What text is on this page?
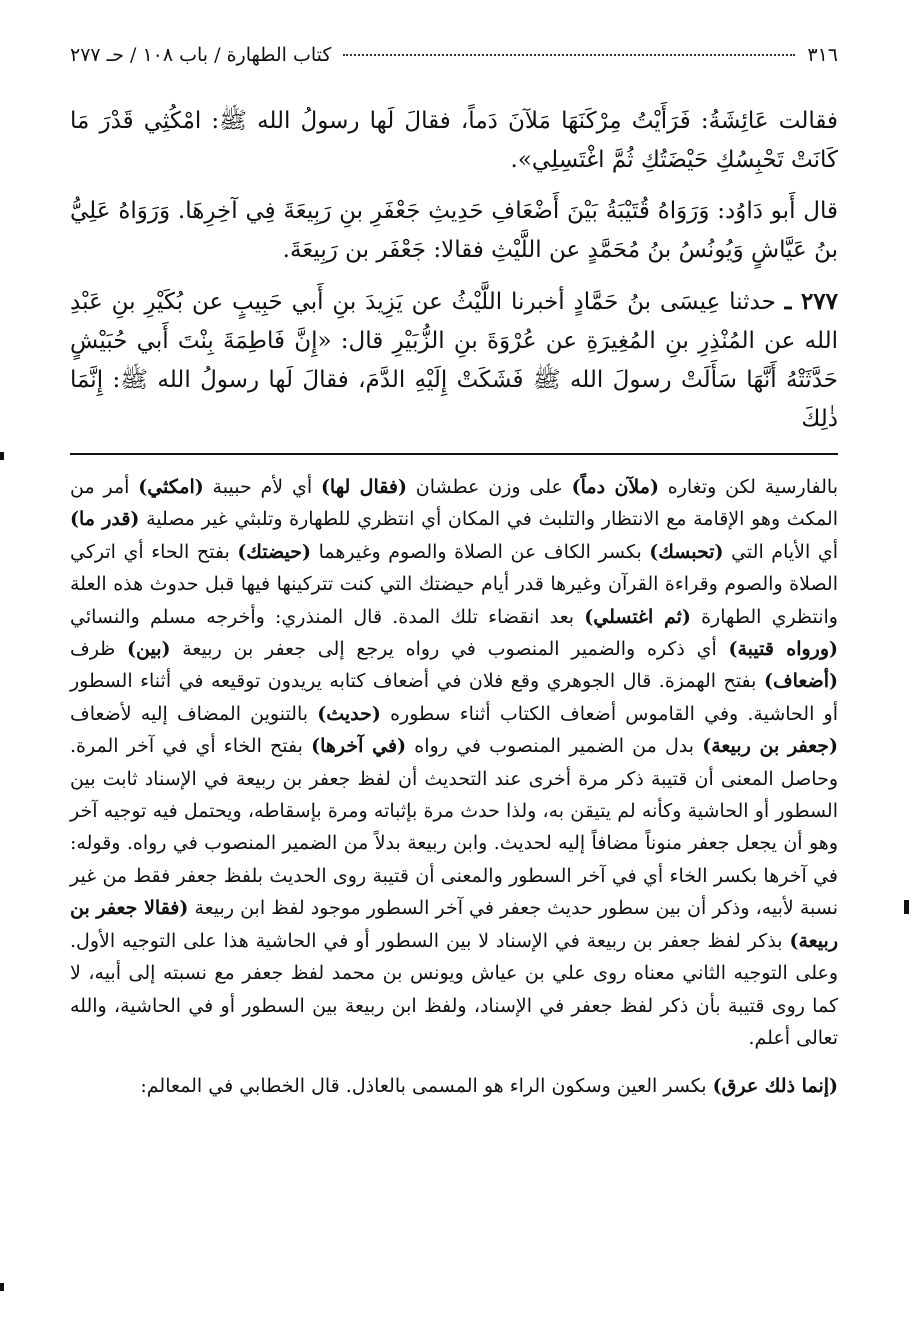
٣١٦
كتاب الطهارة / باب ١٠٨ / حـ ٢٧٧

فقالت عَائِشَةُ: فَرَأَيْتُ مِرْكَنَهَا مَلآنَ دَماً، فقالَ لَها رسولُ الله ﷺ: امْكُثِي قَدْرَ مَا كَانَتْ تَحْبِسُكِ حَيْضَتُكِ ثُمَّ اغْتَسِلِي».

قال أَبو دَاوُد: وَرَوَاهُ قُتَيْبَةُ بَيْنَ أَضْعَافِ حَدِيثِ جَعْفَرِ بنِ رَبِيعَةَ فِي آخِرِهَا. وَرَوَاهُ عَلِيُّ بنُ عَيَّاشٍ وَيُونُسُ بنُ مُحَمَّدٍ عن اللَّيْثِ فقالا: جَعْفَر بن رَبِيعَةَ.

٢٧٧ ـ حدثنا عِيسَى بنُ حَمَّادٍ أخبرنا اللَّيْثُ عن يَزِيدَ بنِ أَبي حَبِيبٍ عن بُكَيْرِ بنِ عَبْدِ الله عن المُنْذِرِ بنِ المُغِيرَةِ عن عُرْوَةَ بنِ الزُّبَيْرِ قال: «إِنَّ فَاطِمَةَ بِنْتَ أَبي حُبَيْشٍ حَدَّثَتْهُ أَنَّهَا سَأَلَتْ رسولَ الله ﷺ فَشَكَتْ إِلَيْهِ الدَّمَ، فقالَ لَها رسولُ الله ﷺ: إِنَّمَا ذٰلِكَ

بالفارسية لكن وتغاره (ملآن دماً) على وزن عطشان (فقال لها) أي لأم حبيبة (امكثي) أمر من المكث وهو الإقامة مع الانتظار والتلبث في المكان أي انتظري للطهارة وتلبثي غير مصلية (قدر ما) أي الأيام التي (تحبسك) بكسر الكاف عن الصلاة والصوم وغيرهما (حيضتك) بفتح الحاء أي اتركي الصلاة والصوم وقراءة القرآن وغيرها قدر أيام حيضتك التي كنت تتركينها فيها قبل حدوث هذه العلة وانتظري الطهارة (ثم اغتسلي) بعد انقضاء تلك المدة. قال المنذري: وأخرجه مسلم والنسائي (ورواه قتيبة) أي ذكره والضمير المنصوب في رواه يرجع إلى جعفر بن ربيعة (بين) ظرف (أضعاف) بفتح الهمزة. قال الجوهري وقع فلان في أضعاف كتابه يريدون توقيعه في أثناء السطور أو الحاشية. وفي القاموس أضعاف الكتاب أثناء سطوره (حديث) بالتنوين المضاف إليه لأضعاف (جعفر بن ربيعة) بدل من الضمير المنصوب في رواه (في آخرها) بفتح الخاء أي في آخر المرة. وحاصل المعنى أن قتيبة ذكر مرة أخرى عند التحديث أن لفظ جعفر بن ربيعة في الإسناد ثابت بين السطور أو الحاشية وكأنه لم يتيقن به، ولذا حدث مرة بإثباته ومرة بإسقاطه، ويحتمل فيه توجيه آخر وهو أن يجعل جعفر منوناً مضافاً إليه لحديث. وابن ربيعة بدلاً من الضمير المنصوب في رواه. وقوله: في آخرها بكسر الخاء أي في آخر السطور والمعنى أن قتيبة روى الحديث بلفظ جعفر فقط من غير نسبة لأبيه، وذكر أن بين سطور حديث جعفر في آخر السطور موجود لفظ ابن ربيعة (فقالا جعفر بن ربيعة) بذكر لفظ جعفر بن ربيعة في الإسناد لا بين السطور أو في الحاشية هذا على التوجيه الأول. وعلى التوجيه الثاني معناه روى علي بن عياش ويونس بن محمد لفظ جعفر مع نسبته إلى أبيه، لا كما روى قتيبة بأن ذكر لفظ جعفر في الإسناد، ولفظ ابن ربيعة بين السطور أو في الحاشية، والله تعالى أعلم.

(إنما ذلك عرق) بكسر العين وسكون الراء هو المسمى بالعاذل. قال الخطابي في المعالم:
